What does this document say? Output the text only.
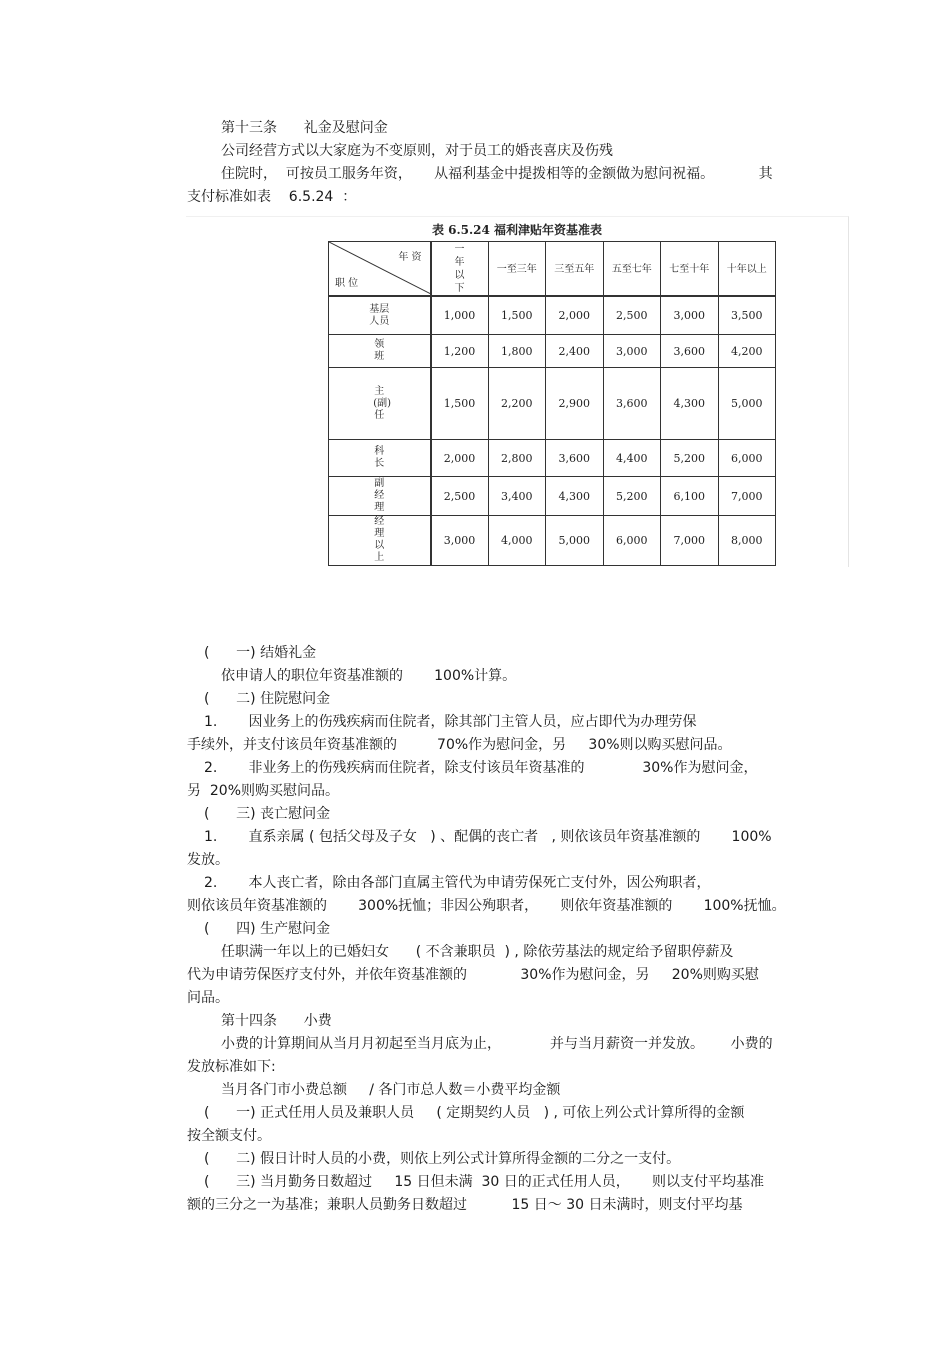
第十三条      礼金及慰问金
公司经营方式以大家庭为不变原则，对于员工的婚丧喜庆及伤残
住院时，  可按员工服务年资，     从福利基金中提拨相等的金额做为慰问祝福。          其
支付标准如表    6.5.24  ：
表 6.5.24 福利津贴年资基准表
年 资
职 位	一年以下	一至三年	三至五年	五至七年	七至十年	十年以上
基层人员	1,000	1,500	2,000	2,500	3,000	3,500
领班	1,200	1,800	2,400	3,000	3,600	4,200
主(副)任	1,500	2,200	2,900	3,600	4,300	5,000
科长	2,000	2,800	3,600	4,400	5,200	6,000
副经理	2,500	3,400	4,300	5,200	6,100	7,000
经理以上	3,000	4,000	5,000	6,000	7,000	8,000
(      一) 结婚礼金
依申请人的职位年资基准额的       100%计算。
(      二) 住院慰问金
1.       因业务上的伤残疾病而住院者，除其部门主管人员，应占即代为办理劳保
手续外，并支付该员年资基准额的         70%作为慰问金，另     30%则以购买慰问品。
2.       非业务上的伤残疾病而住院者，除支付该员年资基准的             30%作为慰问金，
另  20%则购买慰问品。
(      三) 丧亡慰问金
1.       直系亲属 ( 包括父母及子女   ) 、配偶的丧亡者   , 则依该员年资基准额的       100%
发放。
2.       本人丧亡者，除由各部门直属主管代为申请劳保死亡支付外，因公殉职者，
则依该员年资基准额的       300%抚恤；非因公殉职者，     则依年资基准额的       100%抚恤。
(      四) 生产慰问金
任职满一年以上的已婚妇女      ( 不含兼职员  ) , 除依劳基法的规定给予留职停薪及
代为申请劳保医疗支付外，并依年资基准额的            30%作为慰问金，另     20%则购买慰
问品。
第十四条      小费
小费的计算期间从当月月初起至当月底为止，           并与当月薪资一并发放。      小费的
发放标准如下:
当月各门市小费总额     / 各门市总人数＝小费平均金额
(      一) 正式任用人员及兼职人员     ( 定期契约人员   ) , 可依上列公式计算所得的金额
按全额支付。
(      二) 假日计时人员的小费，则依上列公式计算所得金额的二分之一支付。
(      三) 当月勤务日数超过     15 日但未满  30 日的正式任用人员，     则以支付平均基准
额的三分之一为基准；兼职人员勤务日数超过          15 日～ 30 日未满时，则支付平均基
